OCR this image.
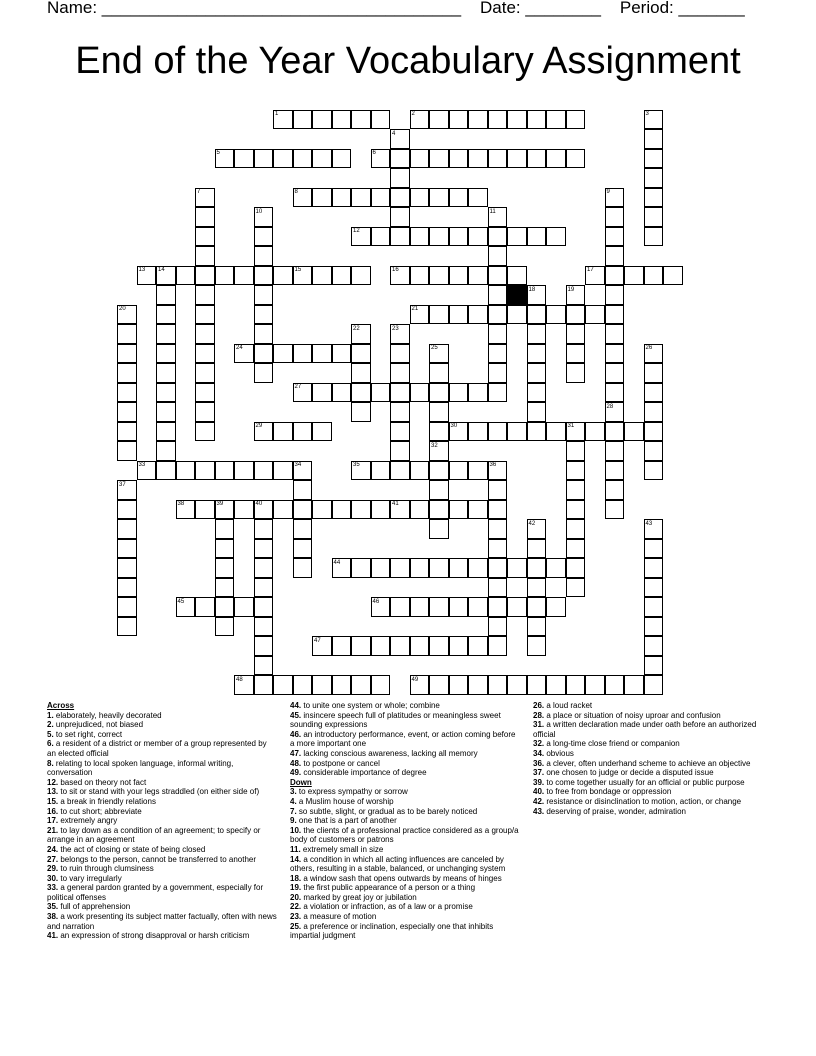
Name: ______________________________________ Date: ________ Period: _______
End of the Year Vocabulary Assignment
1	2	3
4
5	6
7	8	9
10	11
12
13 14	15	16	17
18	19
20	21
22	23
24	25	26
27
28
29	30	31
32
33	34	35	36
37
38	39	40	41
42	43
44
45	46
47
48	49
Across
1. elaborately, heavily decorated
2. unprejudiced, not biased
5. to set right, correct
6. a resident of a district or member of a group represented by an elected official
8. relating to local spoken language, informal writing, conversation
12. based on theory not fact
13. to sit or stand with your legs straddled (on either side of)
15. a break in friendly relations
16. to cut short; abbreviate
17. extremely angry
21. to lay down as a condition of an agreement; to specify or arrange in an agreement
24. the act of closing or state of being closed
27. belongs to the person, cannot be transferred to another
29. to ruin through clumsiness
30. to vary irregularly
33. a general pardon granted by a government, especially for political offenses
35. full of apprehension
38. a work presenting its subject matter factually, often with news and narration
41. an expression of strong disapproval or harsh criticism
44. to unite one system or whole; combine
45. insincere speech full of platitudes or meaningless sweet sounding expressions
46. an introductory performance, event, or action coming before a more important one
47. lacking conscious awareness, lacking all memory
48. to postpone or cancel
49. considerable importance of degree
Down
3. to express sympathy or sorrow
4. a Muslim house of worship
7. so subtle, slight, or gradual as to be barely noticed
9. one that is a part of another
10. the clients of a professional practice considered as a group/a body of customers or patrons
11. extremely small in size
14. a condition in which all acting influences are canceled by others, resulting in a stable, balanced, or unchanging system
18. a window sash that opens outwards by means of hinges
19. the first public appearance of a person or a thing
20. marked by great joy or jubilation
22. a violation or infraction, as of a law or a promise
23. a measure of motion
25. a preference or inclination, especially one that inhibits impartial judgment
26. a loud racket
28. a place or situation of noisy uproar and confusion
31. a written declaration made under oath before an authorized official
32. a long-time close friend or companion
34. obvious
36. a clever, often underhand scheme to achieve an objective
37. one chosen to judge or decide a disputed issue
39. to come together usually for an official or public purpose
40. to free from bondage or oppression
42. resistance or disinclination to motion, action, or change
43. deserving of praise, wonder, admiration
